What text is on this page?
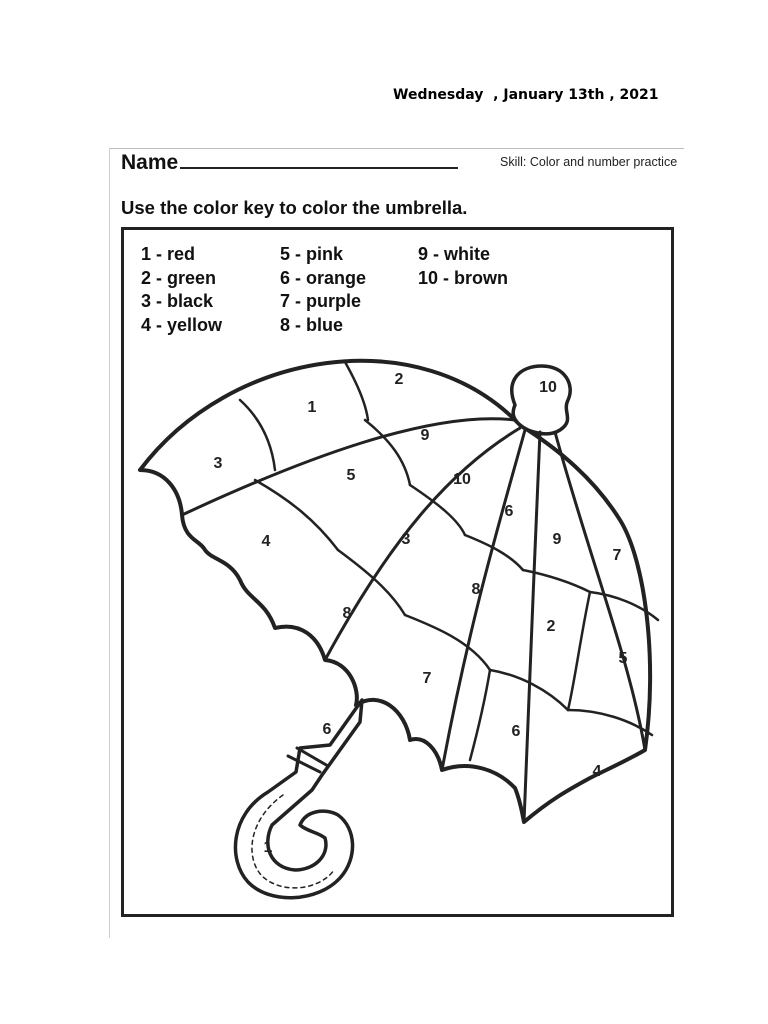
Wednesday  , January 13th , 2021
Name	Skill: Color and number practice
Use the color key to color the umbrella.
1 - red
2 - green
3 - black
4 - yellow
5 - pink
6 - orange
7 - purple
8 - blue
9 - white
10 - brown
3
1
2	10
9
5
4
10
3
6
9
7
8
8
2
5
7
6
4
6
1
